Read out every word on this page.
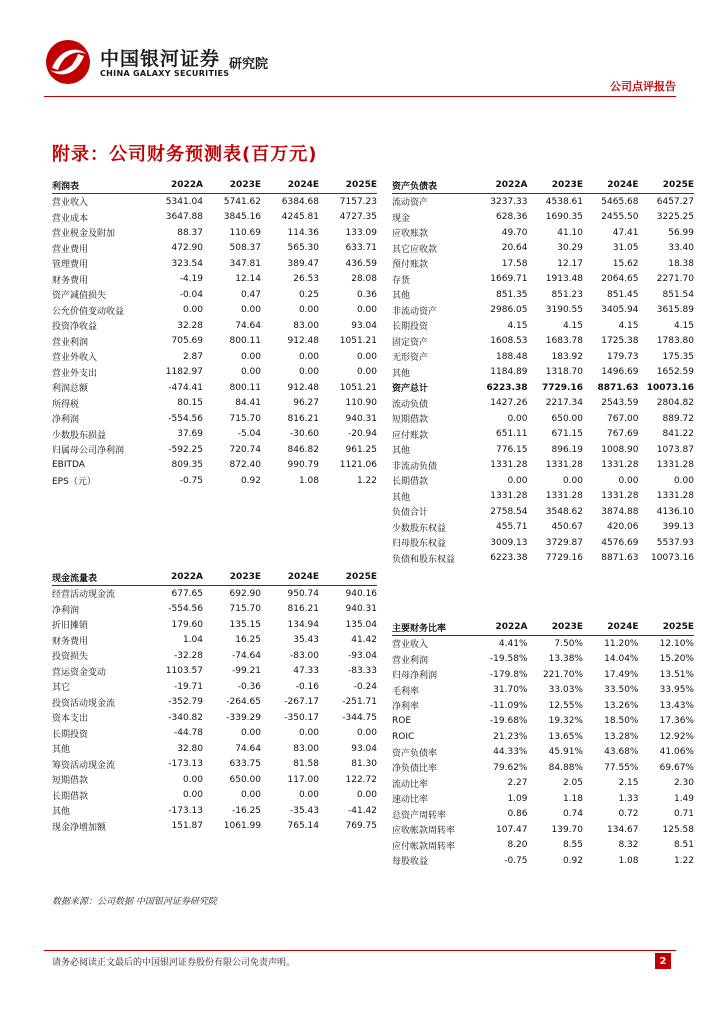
中国银河证券
CHINA GALAXY SECURITIES
研究院
公司点评报告
附录：公司财务预测表(百万元)
利润表	2022A	2023E	2024E	2025E
营业收入	5341.04	5741.62	6384.68	7157.23
营业成本	3647.88	3845.16	4245.81	4727.35
营业税金及附加	88.37	110.69	114.36	133.09
营业费用	472.90	508.37	565.30	633.71
管理费用	323.54	347.81	389.47	436.59
财务费用	-4.19	12.14	26.53	28.08
资产减值损失	-0.04	0.47	0.25	0.36
公允价值变动收益	0.00	0.00	0.00	0.00
投资净收益	32.28	74.64	83.00	93.04
营业利润	705.69	800.11	912.48	1051.21
营业外收入	2.87	0.00	0.00	0.00
营业外支出	1182.97	0.00	0.00	0.00
利润总额	-474.41	800.11	912.48	1051.21
所得税	80.15	84.41	96.27	110.90
净利润	-554.56	715.70	816.21	940.31
少数股东损益	37.69	-5.04	-30.60	-20.94
归属母公司净利润	-592.25	720.74	846.82	961.25
EBITDA	809.35	872.40	990.79	1121.06
EPS（元）	-0.75	0.92	1.08	1.22
现金流量表	2022A	2023E	2024E	2025E
经营活动现金流	677.65	692.90	950.74	940.16
净利润	-554.56	715.70	816.21	940.31
折旧摊销	179.60	135.15	134.94	135.04
财务费用	1.04	16.25	35.43	41.42
投资损失	-32.28	-74.64	-83.00	-93.04
营运资金变动	1103.57	-99.21	47.33	-83.33
其它	-19.71	-0.36	-0.16	-0.24
投资活动现金流	-352.79	-264.65	-267.17	-251.71
资本支出	-340.82	-339.29	-350.17	-344.75
长期投资	-44.78	0.00	0.00	0.00
其他	32.80	74.64	83.00	93.04
筹资活动现金流	-173.13	633.75	81.58	81.30
短期借款	0.00	650.00	117.00	122.72
长期借款	0.00	0.00	0.00	0.00
其他	-173.13	-16.25	-35.43	-41.42
现金净增加额	151.87	1061.99	765.14	769.75
资产负债表	2022A	2023E	2024E	2025E
流动资产	3237.33	4538.61	5465.68	6457.27
现金	628.36	1690.35	2455.50	3225.25
应收账款	49.70	41.10	47.41	56.99
其它应收款	20.64	30.29	31.05	33.40
预付账款	17.58	12.17	15.62	18.38
存货	1669.71	1913.48	2064.65	2271.70
其他	851.35	851.23	851.45	851.54
非流动资产	2986.05	3190.55	3405.94	3615.89
长期投资	4.15	4.15	4.15	4.15
固定资产	1608.53	1683.78	1725.38	1783.80
无形资产	188.48	183.92	179.73	175.35
其他	1184.89	1318.70	1496.69	1652.59
资产总计	6223.38	7729.16	8871.63 10073.16
流动负债	1427.26	2217.34	2543.59	2804.82
短期借款	0.00	650.00	767.00	889.72
应付账款	651.11	671.15	767.69	841.22
其他	776.15	896.19	1008.90	1073.87
非流动负债	1331.28	1331.28	1331.28	1331.28
长期借款	0.00	0.00	0.00	0.00
其他	1331.28	1331.28	1331.28	1331.28
负债合计	2758.54	3548.62	3874.88	4136.10
少数股东权益	455.71	450.67	420.06	399.13
归母股东权益	3009.13	3729.87	4576.69	5537.93
负债和股东权益	6223.38	7729.16	8871.63	10073.16
主要财务比率	2022A	2023E	2024E	2025E
营业收入	4.41%	7.50%	11.20%	12.10%
营业利润	-19.58%	13.38%	14.04%	15.20%
归母净利润	-179.8%	221.70%	17.49%	13.51%
毛利率	31.70%	33.03%	33.50%	33.95%
净利率	-11.09%	12.55%	13.26%	13.43%
ROE	-19.68%	19.32%	18.50%	17.36%
ROIC	21.23%	13.65%	13.28%	12.92%
资产负债率	44.33%	45.91%	43.68%	41.06%
净负债比率	79.62%	84.88%	77.55%	69.67%
流动比率	2.27	2.05	2.15	2.30
速动比率	1.09	1.18	1.33	1.49
总资产周转率	0.86	0.74	0.72	0.71
应收帐款周转率	107.47	139.70	134.67	125.58
应付帐款周转率	8.20	8.55	8.32	8.51
每股收益	-0.75	0.92	1.08	1.22
数据来源：公司数据 中国银河证券研究院
请务必阅读正文最后的中国银河证券股份有限公司免责声明。	2
